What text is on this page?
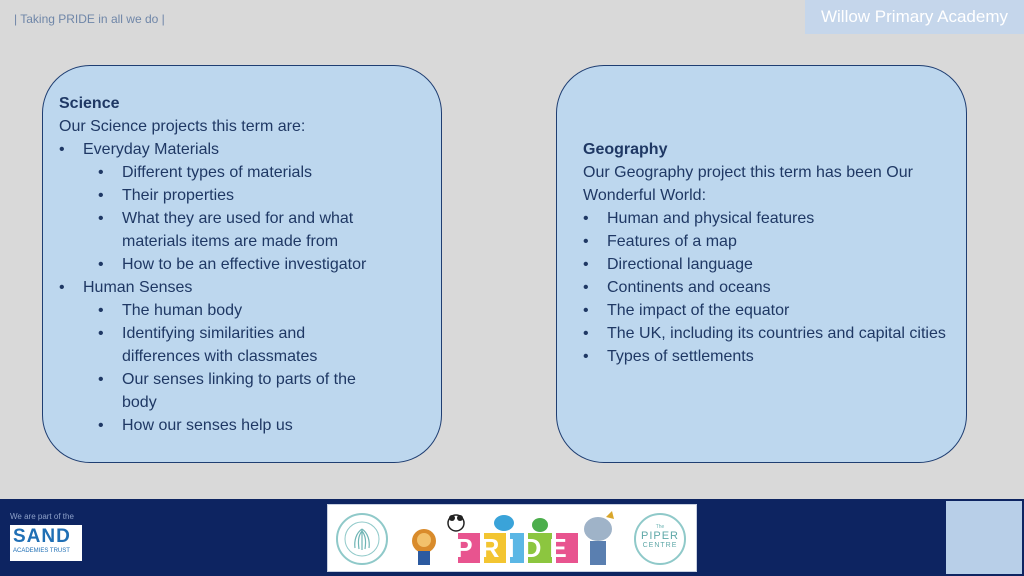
| Taking PRIDE in all we do |	Willow Primary Academy
Science

Our Science projects this term are:

• Everyday Materials
• Different types of materials
• Their properties
• What they are used for and what materials items are made from
• How to be an effective investigator
• Human Senses
• The human body
• Identifying similarities and differences with classmates
• Our senses linking to parts of the body
• How our senses help us
Geography

Our Geography project this term has been Our Wonderful World:

• Human and physical features
• Features of a map
• Directional language
• Continents and oceans
• The impact of the equator
• The UK, including its countries and capital cities
• Types of settlements
We are part of the
SAND
ACADEMIES TRUST	PRIDE
The
PIPER
CENTRE
